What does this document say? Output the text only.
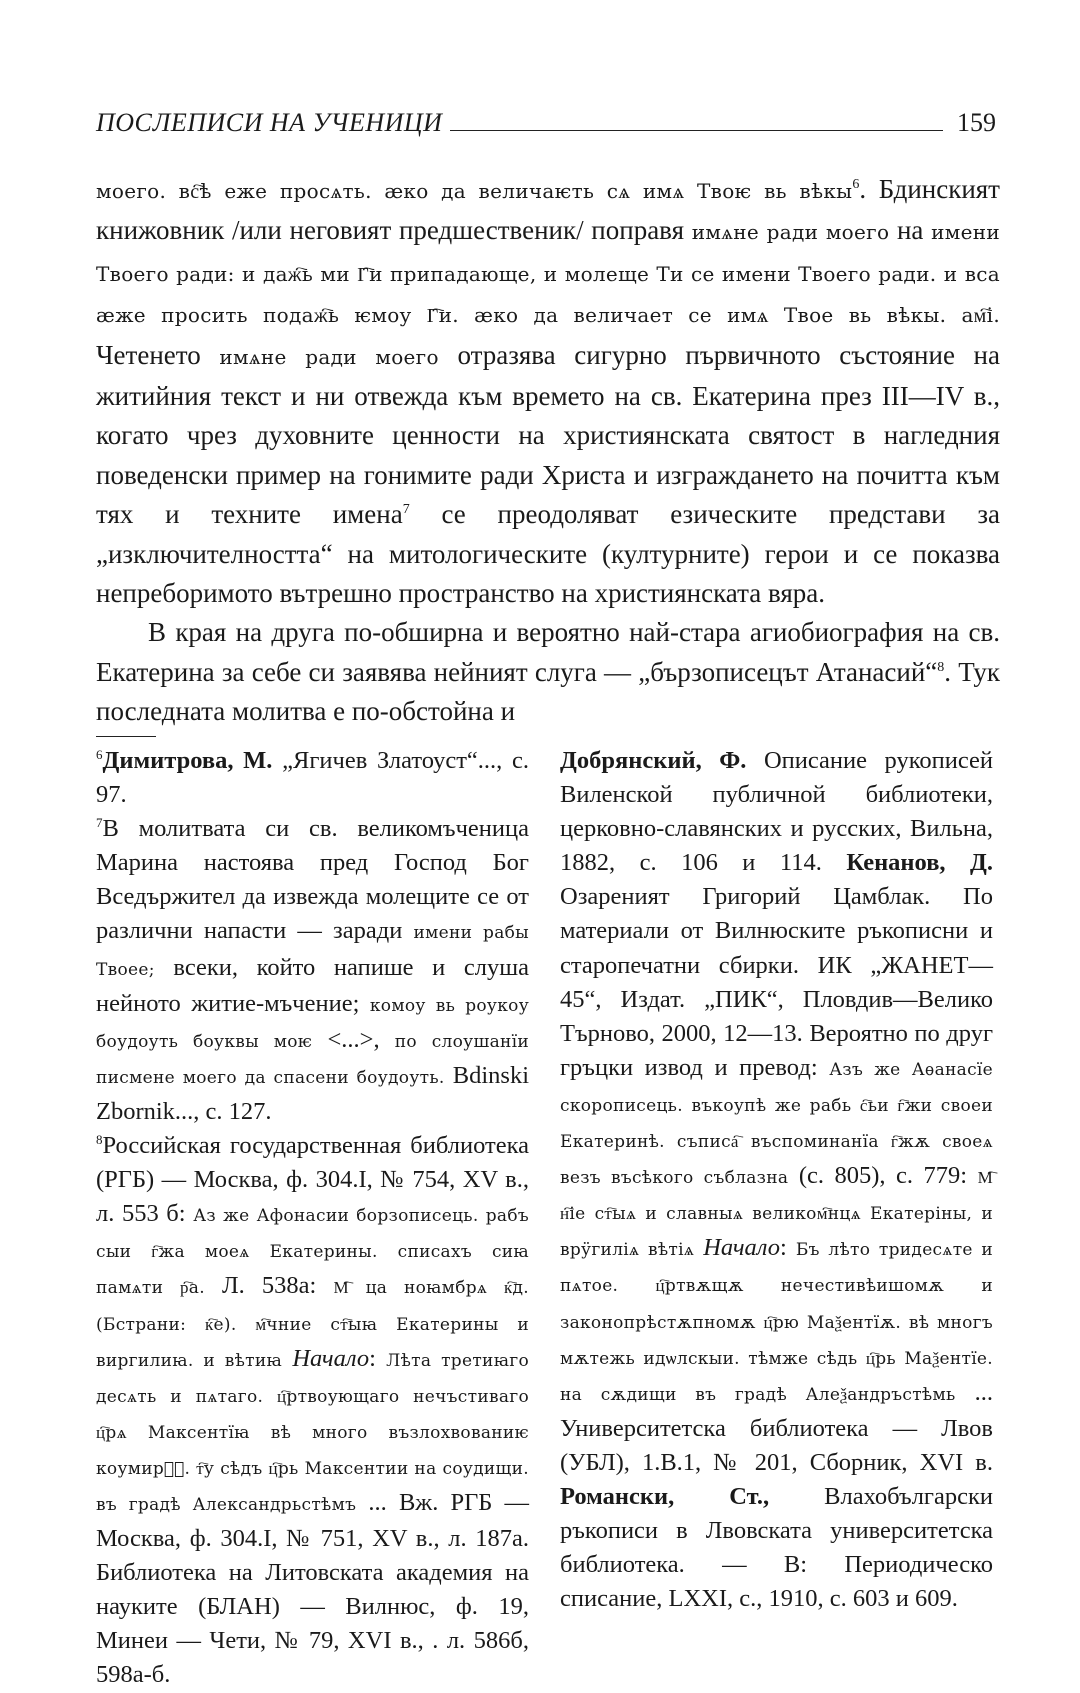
ПОСЛЕПИСИ НА УЧЕНИЦИ	159

моего. вс҇ѣ еже просѧть. ӕко да величаѥть сѧ имѧ Твоѥ вь вѣкы$^6$. Бдинският книжовник /или неговият предшественик/ поправя имѧне ради моего на имени Твоего ради: и даж҇ь ми Г҇и припадающе, и молеще Ти се имени Твоего ради. и вса ӕже просить подаж҇ь ѥмоу Г҇и. ӕко да величает се имѧ Твое вь вѣкы. ам҇і. Четенето имѧне ради моего отразява сигурно първичното състояние на житийния текст и ни отвежда към времето на св. Екатерина през III—IV в., когато чрез духовните ценности на християнската святост в нагледния поведенски пример на гонимите ради Христа и изграждането на почитта към тях и техните имена$^7$ се преодоляват езическите представи за „изключителността“ на митологическите (културните) герои и се показва непреборимото вътрешно пространство на християнската вяра.

В края на друга по-обширна и вероятно най-стара агиобиография на св. Екатерина за себе си заявява нейният слуга — „бързописецът Атанасий“$^8$. Тук последната молитва е по-обстойна и

$^6$Димитрова, М. „Ягичев Златоуст“..., с. 97.

$^7$В молитвата си св. великомъченица Марина настоява пред Господ Бог Вседържител да извежда молещите се от различни напасти — заради имени рабы Твоее; всеки, който напише и слуша нейното житие-мъчение; комоу вь роукоу боудоуть боуквы моѥ <...>, по слоушанїи писмене моего да спасени боудоуть. Bdinski Zbornik..., с. 127.

$^8$Российская государственная библиотека (РГБ) — Москва, ф. 304.I, № 754, XV в., л. 553 б: Аз же Афонасии борзописець. рабъ сыи г҇жа моеѧ Екатерины. списахъ сиꙗ памѧти р҇а. Л. 538а: М҇ ца ноꙗмбрѧ к҇д. (Бстрани: к҇е). м҇чние ст҇ыꙗ Екатерины и виргилиꙗ. и вѣтиꙗ Начало: Лѣта третиꙗго десѧть и пѧтаго. ц҇ртвоующаго нечъстиваго ц҇рѧ Максентїꙗ вѣ много възлохвованиѥ коумирⷪ҇. т҇у сѣдъ ц҇рь Максентии на соудищи. въ градѣ Александрьстѣмъ ... Вж. РГБ — Москва, ф. 304.I, № 751, XV в., л. 187а. Библиотека на Литовската академия на науките (БЛАН) — Вилнюс, ф. 19, Минеи — Чети, № 79, XVI в., . л. 586б, 598а-б.

Добрянский, Ф. Описание рукописей Виленской публичной библиотеки, церковно-славянских и русских, Вильна, 1882, с. 106 и 114. Кенанов, Д. Озареният Григорий Цамблак. По материали от Вилнюските ръкописни и старопечатни сбирки. ИК „ЖАНЕТ—45“, Издат. „ПИК“, Пловдив—Велико Търново, 2000, 12—13. Вероятно по друг гръцки извод и превод: Азъ же Аѳанасїе скорописець. въкоупѣ же рабь с҇ьи г҇жи своеи Екатеринѣ. съписа҇ въспоминанїа г҇жѫ своеѧ везъ въсѣкого съблазна (с. 805), с. 779: М҇ н҇іе ст҇ыѧ и славныѧ великом҇нцѧ Екатеріны, и врӱгиліѧ вѣтіѧ Начало: Бъ лѣто тридесѧте и пѧтое. ц҇ртвѫщѫ нечестивѣишомѫ и законопрѣстѫпномѫ ц҇рю Маѯентїѫ. вѣ многъ мѫтежь идѡлскыи. тѣмже сѣдь ц҇рь Маѯентїе. на сѫдищи въ градѣ Алеѯандръстѣмь ... Университетска библиотека — Лвов (УБЛ), 1.В.1, № 201, Сборник, XVI в. Романски, Ст., Влахобългарски ръкописи в Лвовската университетска библиотека. — В: Периодическо списание, LXXI, с., 1910, с. 603 и 609.
